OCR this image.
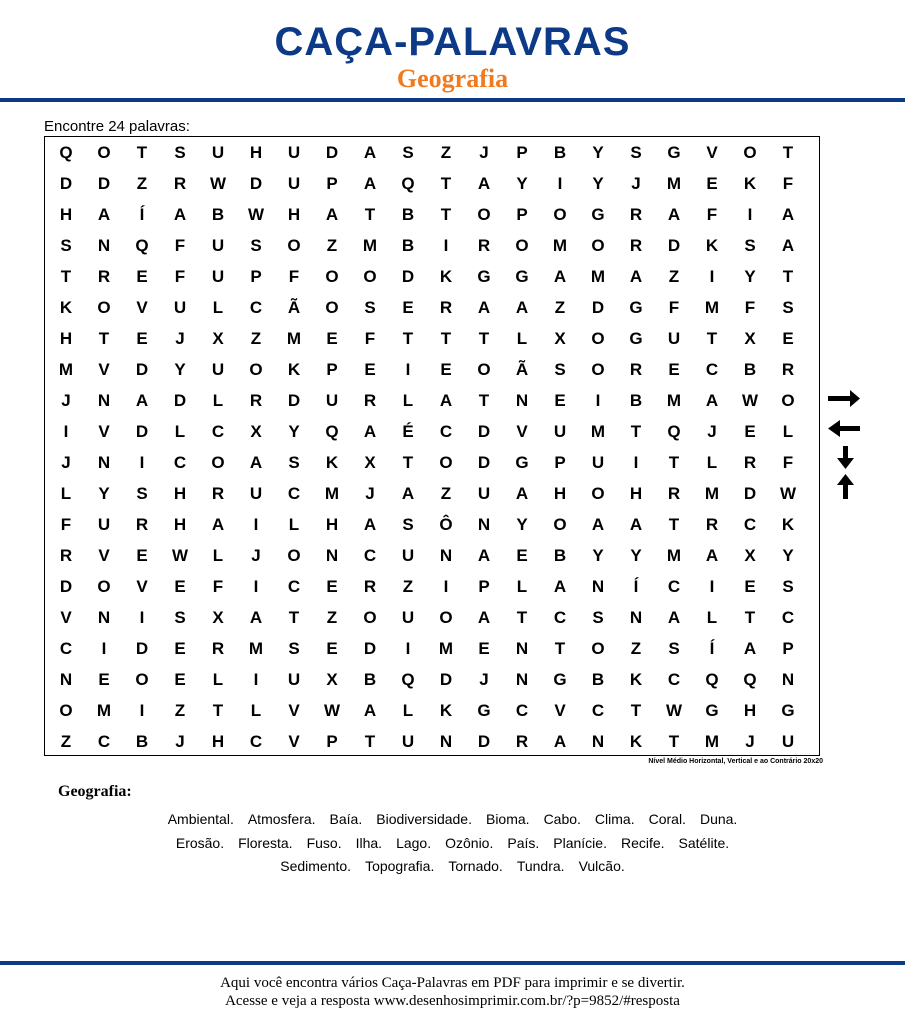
CAÇA-PALAVRAS
Geografia
Encontre 24 palavras:
Q	O	T	S	U	H	U	D	A	S	Z	J	P	B	Y	S	G	V	O	T
D	D	Z	R	W	D	U	P	A	Q	T	A	Y	I	Y	J	M	E	K	F
H	A	Í	A	B	W	H	A	T	B	T	O	P	O	G	R	A	F	I	A
S	N	Q	F	U	S	O	Z	M	B	I	R	O	M	O	R	D	K	S	A
T	R	E	F	U	P	F	O	O	D	K	G	G	A	M	A	Z	I	Y	T
K	O	V	U	L	C	Ã	O	S	E	R	A	A	Z	D	G	F	M	F	S
H	T	E	J	X	Z	M	E	F	T	T	T	L	X	O	G	U	T	X	E
M	V	D	Y	U	O	K	P	E	I	E	O	Ã	S	O	R	E	C	B	R
J	N	A	D	L	R	D	U	R	L	A	T	N	E	I	B	M	A	W	O
I	V	D	L	C	X	Y	Q	A	É	C	D	V	U	M	T	Q	J	E	L
J	N	I	C	O	A	S	K	X	T	O	D	G	P	U	I	T	L	R	F
L	Y	S	H	R	U	C	M	J	A	Z	U	A	H	O	H	R	M	D	W
F	U	R	H	A	I	L	H	A	S	Ô	N	Y	O	A	A	T	R	C	K
R	V	E	W	L	J	O	N	C	U	N	A	E	B	Y	Y	M	A	X	Y
D	O	V	E	F	I	C	E	R	Z	I	P	L	A	N	Í	C	I	E	S
V	N	I	S	X	A	T	Z	O	U	O	A	T	C	S	N	A	L	T	C
C	I	D	E	R	M	S	E	D	I	M	E	N	T	O	Z	S	Í	A	P
N	E	O	E	L	I	U	X	B	Q	D	J	N	G	B	K	C	Q	Q	N
O	M	I	Z	T	L	V	W	A	L	K	G	C	V	C	T	W	G	H	G
Z	C	B	J	H	C	V	P	T	U	N	D	R	A	N	K	T	M	J	U
Nível Médio Horizontal, Vertical e ao Contrário 20x20
Geografia:
Ambiental. Atmosfera. Baía. Biodiversidade. Bioma. Cabo. Clima. Coral. Duna.
Erosão. Floresta. Fuso. Ilha. Lago. Ozônio. País. Planície. Recife. Satélite.
Sedimento. Topografia. Tornado. Tundra. Vulcão.
Aqui você encontra vários Caça-Palavras em PDF para imprimir e se divertir.
Acesse e veja a resposta www.desenhosimprimir.com.br/?p=9852/#resposta
